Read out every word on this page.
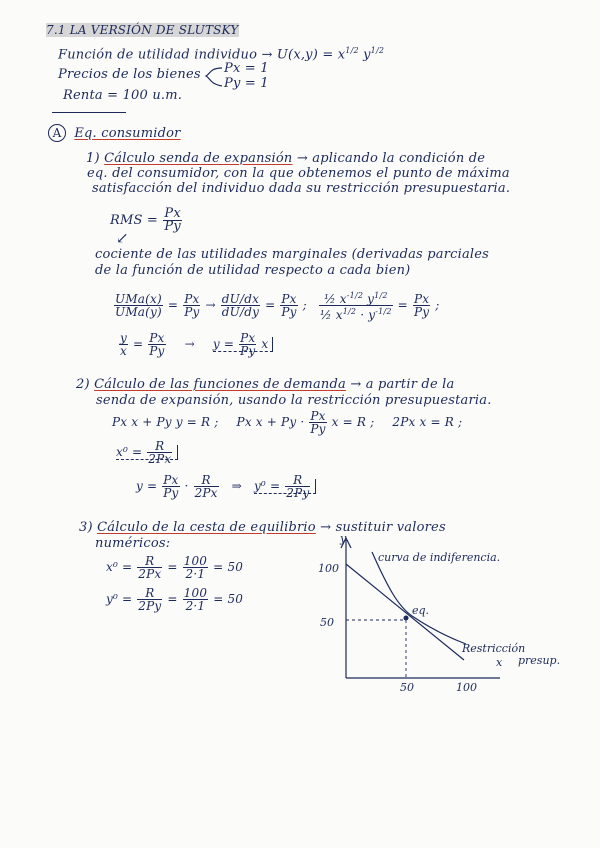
7.1 LA VERSIÓN DE SLUTSKY
Función de utilidad individuo → $U(x,y) = x^{1/2}$ $y^{1/2}$
Precios de los bienes Px = 1
Py = 1
Renta = 100 u.m.
A Eq. consumidor
1) Cálculo senda de expansión → aplicando la condición de
eq. del consumidor, con la que obtenemos el punto de máxima
satisfacción del individuo dada su restricción presupuestaria.
RMS = $\frac{Px}{Py}$
↙
cociente de las utilidades marginales (derivadas parciales
de la función de utilidad respecto a cada bien)
UMa(x)
$UMa(y) = \frac{Px}{Py} \to \frac{dU/dx}{dU/dy} = \frac{Px}{Py}$ ; $\frac{\frac{1}{2} x^{-1/2} y^{1/2}}{\frac{1}{2} x^{1/2} \cdot y^{-1/2}} = \frac{Px}{Py}$ ;
$\frac{y}{x} = \frac{Px}{Py} \to y = \frac{Px}{Py}$ x
2) Cálculo de las funciones de demanda → a partir de la
senda de expansión, usando la restricción presupuestaria.
Px x + Py y = R ; Px $x + Py \cdot \frac{Px}{Py}$ x = R ; 2Px x = R ;
$x^0 = \frac{R}{2Px}$
$y = \frac{Px}{Py} \cdot \frac{R}{2Px}$ ⇒ $y^0 = \frac{R}{2Py}$
3) Cálculo de la cesta de equilibrio → sustituir valores
numéricos:
$x^0 = \frac{R}{2Px} = \frac{100}{2\cdot 1} = 50$
$y^0 = \frac{R}{2Py} = \frac{100}{2\cdot 1} = 50$
y
x
100
50
50	100
curva de indiferencia.
eq.
Restricción
presup.
